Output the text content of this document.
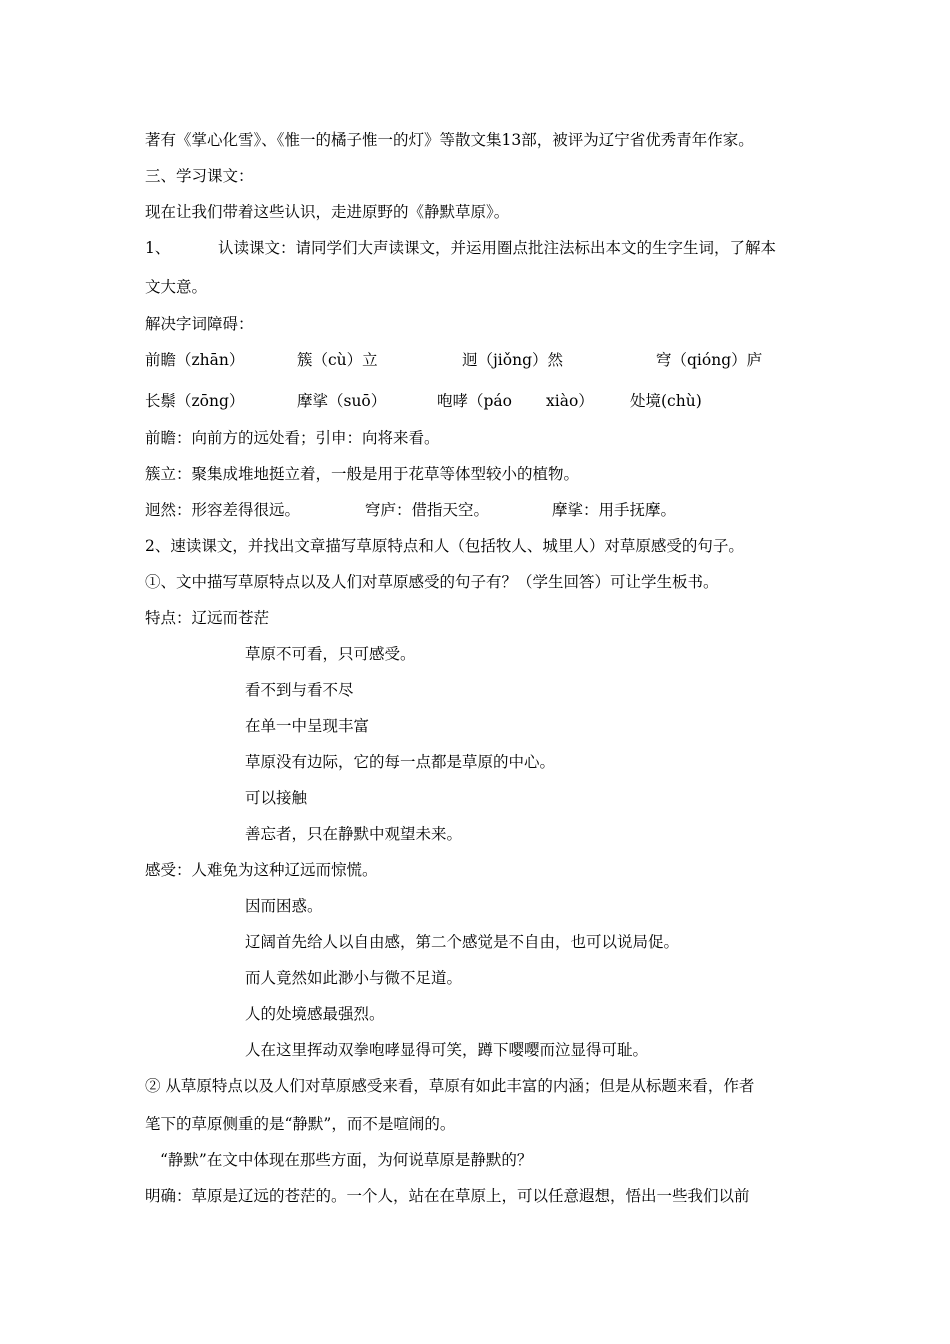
著有《掌心化雪》、《惟一的橘子惟一的灯》等散文集13部，被评为辽宁省优秀青年作家。
三、学习课文：
现在让我们带着这些认识，走进原野的《静默草原》。
1、	认读课文：请同学们大声读课文，并运用圈点批注法标出本文的生字生词，了解本
文大意。
解决字词障碍：
前瞻（zhān）	簇（cù）立	迥（jiǒng）然	穹（qióng）庐
长鬃（zōng）	摩挲（suō）	咆哮（páo xiào） 处境(chù)
前瞻：向前方的远处看；引申：向将来看。
簇立：聚集成堆地挺立着，一般是用于花草等体型较小的植物。
迥然：形容差得很远。	穹庐：借指天空。	摩挲：用手抚摩。
2、速读课文，并找出文章描写草原特点和人（包括牧人、城里人）对草原感受的句子。
①、文中描写草原特点以及人们对草原感受的句子有？（学生回答）可让学生板书。
特点：辽远而苍茫
草原不可看，只可感受。
看不到与看不尽
在单一中呈现丰富
草原没有边际，它的每一点都是草原的中心。
可以接触
善忘者，只在静默中观望未来。
感受：人难免为这种辽远而惊慌。
因而困惑。
辽阔首先给人以自由感，第二个感觉是不自由，也可以说局促。
而人竟然如此渺小与微不足道。
人的处境感最强烈。
人在这里挥动双拳咆哮显得可笑，蹲下嘤嘤而泣显得可耻。
② 从草原特点以及人们对草原感受来看，草原有如此丰富的内涵；但是从标题来看，作者
笔下的草原侧重的是“静默”，而不是喧闹的。
“静默”在文中体现在那些方面，为何说草原是静默的？
明确：草原是辽远的苍茫的。一个人，站在在草原上，可以任意遐想，悟出一些我们以前
